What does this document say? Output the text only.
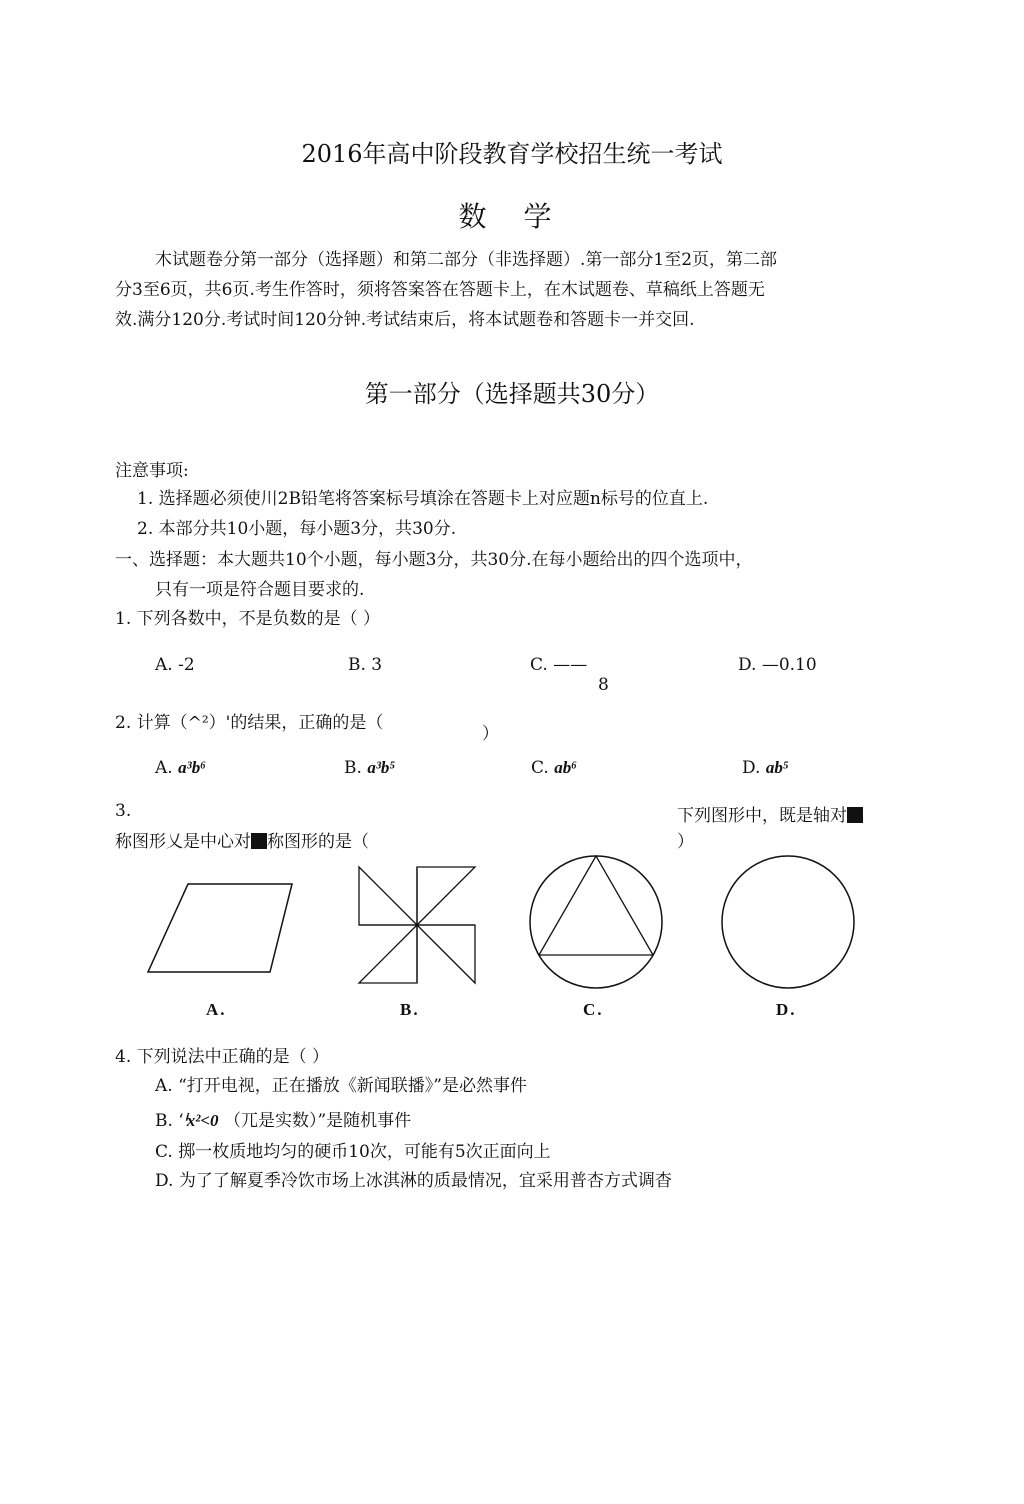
2016年高中阶段教育学校招生统一考试
数 学
木试题卷分第一部分（选择题）和第二部分（非选择题）.第一部分1至2页，第二部
分3至6页，共6页.考生作答时，须将答案答在答题卡上，在木试题卷、草稿纸上答题无
效.满分120分.考试时间120分钟.考试结束后，将本试题卷和答题卡一并交回.
第一部分（选择题共30分）
注意事项:
1. 选择题必须使川2B铅笔将答案标号填涂在答题卡上对应题n标号的位直上.
2. 本部分共10小题，每小题3分，共30分.
一、选择题：本大题共10个小题，每小题3分，共30分.在每小题给出的四个选项中，
只有一项是符合题目要求的.
1. 下列各数中，不是负数的是（ ）
A. -2	B. 3	C. ——
8
D. —0.10
2. 计算（^²）'的结果，正确的是（
）
A. a³b⁶	B. a³b⁵	C. ab⁶	D. ab⁵
3.	下列图形中，既是轴对
）
称图形乂是中心对 称图形的是（
A.	B.	C.	D.
4. 下列说法中正确的是（ ）
A. “打开电视，正在播放《新闻联播》”是必然事件
B. ‘ⁱx²<0 （兀是实数）”是随机事件
C. 掷一枚质地均匀的硬币10次，可能有5次正面向上
D. 为了了解夏季冷饮市场上冰淇淋的质最情况，宜采用普杏方式调杳
